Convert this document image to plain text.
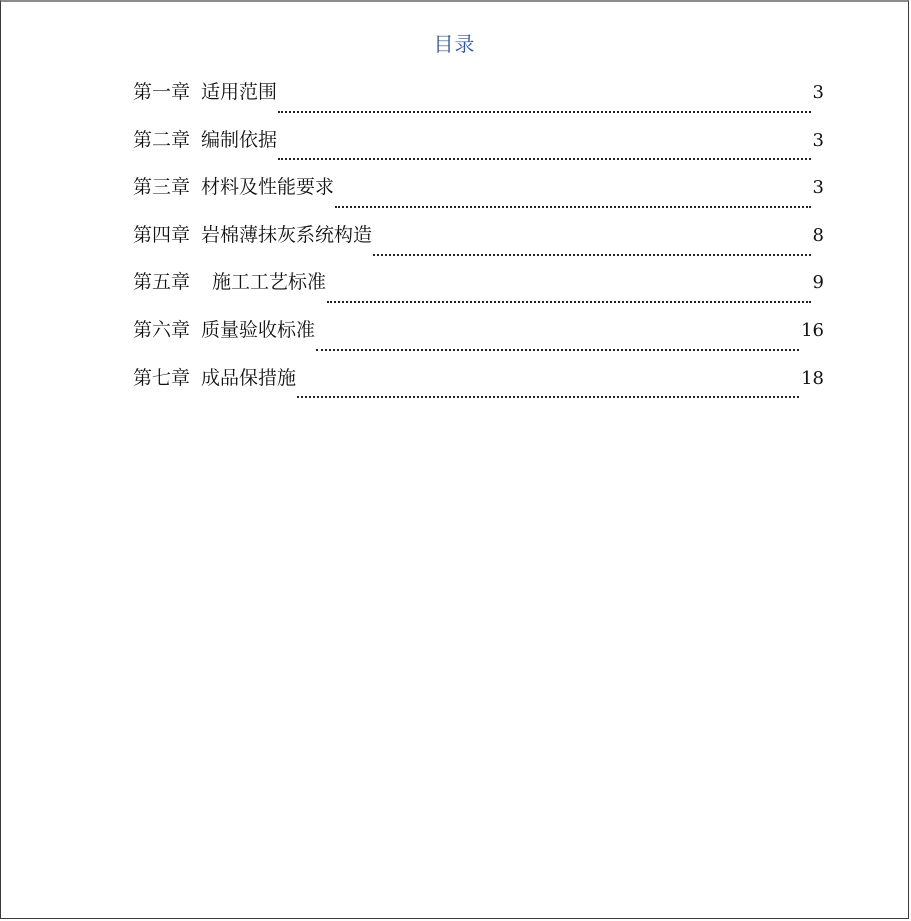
目录
第一章 适用范围	3
第二章 编制依据	3
第三章 材料及性能要求	3
第四章 岩棉薄抹灰系统构造	8
第五章 施工工艺标准	9
第六章 质量验收标准	16
第七章 成品保措施	18
